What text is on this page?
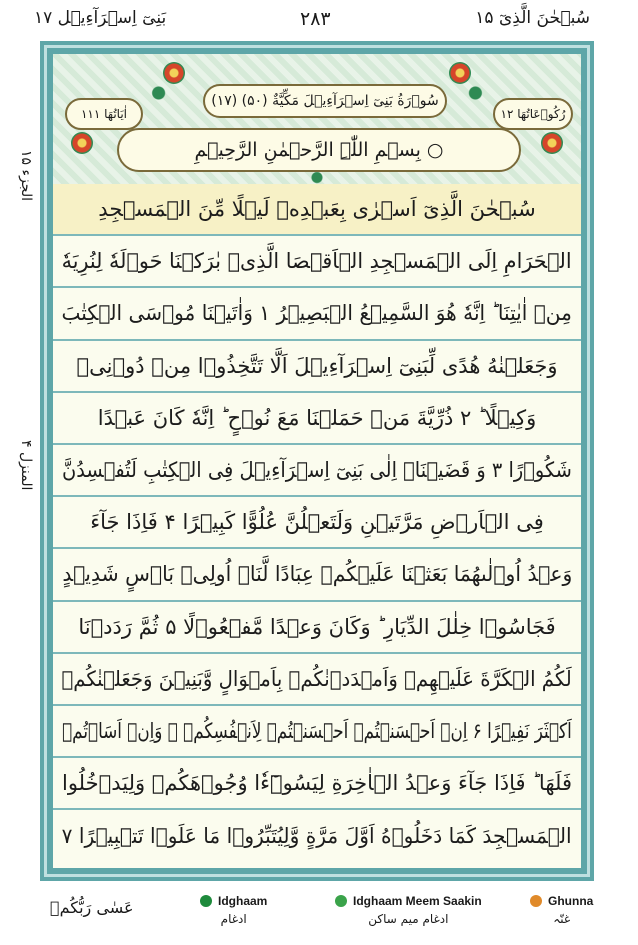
بَنِیٓ اِسۡرَآءِیۡل ۱۷	۲۸۳	سُبۡحٰنَ الَّذِیٓ ۱۵
الجزء ۱۵
المنزل ۴
رُکُوۡعَاتُھَا ۱۲
(۱۷) سُوۡرَةُ بَنِیٓ اِسۡرَآءِیۡلَ مَکِّیَّةٌ (۵۰)
اٰیَاتُھَا ۱۱۱
بِسۡمِ اللّٰہِ الرَّحۡمٰنِ الرَّحِیۡمِ ○
سُبۡحٰنَ الَّذِیٓ اَسۡرٰی بِعَبۡدِهٖ لَیۡلًا مِّنَ الۡمَسۡجِدِ
الۡحَرَامِ اِلَی الۡمَسۡجِدِ الۡاَقۡصَا الَّذِیۡ بٰرَکۡنَا حَوۡلَهٗ لِنُرِیَهٗ
مِنۡ اٰیٰتِنَا ؕ اِنَّهٗ هُوَ السَّمِیۡعُ الۡبَصِیۡرُ ۱ وَاٰتَیۡنَا مُوۡسَی الۡکِتٰبَ
وَجَعَلۡنٰهُ هُدًی لِّبَنِیٓ اِسۡرَآءِیۡلَ اَلَّا تَتَّخِذُوۡا مِنۡ دُوۡنِیۡ
وَکِیۡلًا ؕ ۲ ذُرِّیَّةَ مَنۡ حَمَلۡنَا مَعَ نُوۡحٍ ؕ اِنَّهٗ کَانَ عَبۡدًا
شَکُوۡرًا ۳ وَ قَضَیۡنَاۤ اِلٰی بَنِیٓ اِسۡرَآءِیۡلَ فِی الۡکِتٰبِ لَتُفۡسِدُنَّ
فِی الۡاَرۡضِ مَرَّتَیۡنِ وَلَتَعۡلُنَّ عُلُوًّا کَبِیۡرًا ۴ فَاِذَا جَآءَ
وَعۡدُ اُوۡلٰىهُمَا بَعَثۡنَا عَلَیۡکُمۡ عِبَادًا لَّنَاۤ اُولِیۡ بَاۡسٍ شَدِیۡدٍ
فَجَاسُوۡا خِلٰلَ الدِّیَارِ ؕ وَکَانَ وَعۡدًا مَّفۡعُوۡلًا ۵ ثُمَّ رَدَدۡنَا
لَکُمُ الۡکَرَّةَ عَلَیۡهِمۡ وَاَمۡدَدۡنٰکُمۡ بِاَمۡوَالٍ وَّبَنِیۡنَ وَجَعَلۡنٰکُمۡ
اَکۡثَرَ نَفِیۡرًا ۶ اِنۡ اَحۡسَنۡتُمۡ اَحۡسَنۡتُمۡ لِاَنۡفُسِکُمۡ ۫ وَاِنۡ اَسَاۡتُمۡ
فَلَهَا ؕ فَاِذَا جَآءَ وَعۡدُ الۡاٰخِرَةِ لِیَسُوۡٓءٗا وُجُوۡهَکُمۡ وَلِیَدۡخُلُوا
الۡمَسۡجِدَ کَمَا دَخَلُوۡهُ اَوَّلَ مَرَّةٍ وَّلِیُتَبِّرُوۡا مَا عَلَوۡا تَتۡبِیۡرًا ۷
عَسٰی رَبُّکُمۡ	Idghaam
ادغام
Idghaam Meem Saakin
ادغام میم ساکن
Ghunna
غنّہ
